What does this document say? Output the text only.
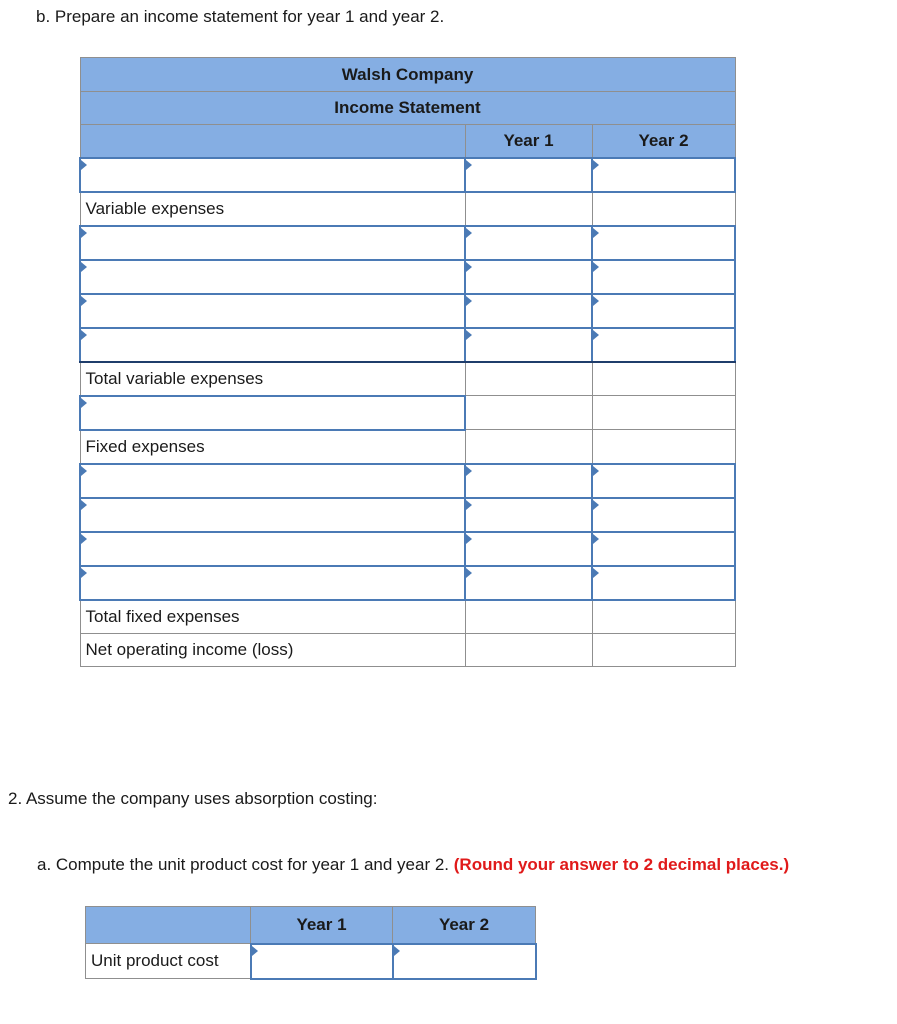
b. Prepare an income statement for year 1 and year 2.

Walsh Company		
Income Statement		
	Year 1	Year 2

Variable expenses		

Total variable expenses		

Fixed expenses		

Total fixed expenses		
Net operating income (loss)		

2. Assume the company uses absorption costing:

a. Compute the unit product cost for year 1 and year 2. (Round your answer to 2 decimal places.)

	Year 1	Year 2
Unit product cost		
